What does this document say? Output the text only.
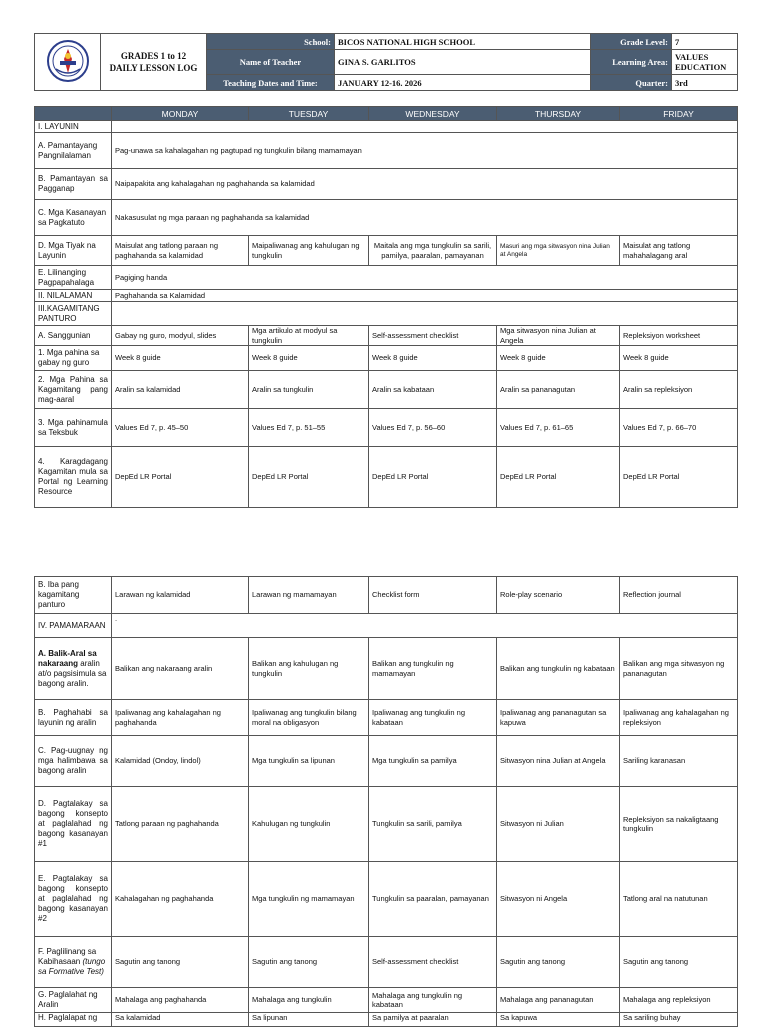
GRADES 1 to 12
DAILY LESSON LOG	School:	BICOS NATIONAL HIGH SCHOOL	Grade Level:	7
		Name of Teacher	GINA S. GARLITOS	Learning Area:	VALUES
EDUCATION

		Teaching Dates and Time:	JANUARY 12-16. 2026	Quarter:	3rd
	MONDAY	TUESDAY	WEDNESDAY	THURSDAY	FRIDAY
I. LAYUNIN					
A. Pamantayang Pangnilalaman	Pag-unawa sa kahalagahan ng pagtupad ng tungkulin bilang mamamayan				
B. Pamantayan sa Pagganap	Naipapakita ang kahalagahan ng paghahanda sa kalamidad				
C. Mga Kasanayan sa Pagkatuto	Nakasusulat ng mga paraan ng paghahanda sa kalamidad				
D. Mga Tiyak na Layunin	Maisulat ang tatlong paraan ng paghahanda sa kalamidad	Maipaliwanag ang kahulugan ng tungkulin	Maitala ang mga tungkulin sa sarili, pamilya, paaralan, pamayanan	Masuri ang mga sitwasyon nina Julian at Angela	Maisulat ang tatlong mahahalagang aral
E. Lilinanging Pagpapahalaga	Pagiging handa				
II. NILALAMAN	Paghahanda sa Kalamidad				
III.KAGAMITANG PANTURO					
A. Sanggunian	Gabay ng guro, modyul, slides	Mga artikulo at modyul sa tungkulin	Self-assessment checklist	Mga sitwasyon nina Julian at Angela	Repleksiyon worksheet
1. Mga pahina sa gabay ng guro	Week 8 guide	Week 8 guide	Week 8 guide	Week 8 guide	Week 8 guide
2. Mga Pahina sa Kagamitang pang mag-aaral	Aralin sa kalamidad	Aralin sa tungkulin	Aralin sa kabataan	Aralin sa pananagutan	Aralin sa repleksiyon
3. Mga pahinamula sa Teksbuk	Values Ed 7, p. 45–50	Values Ed 7, p. 51–55	Values Ed 7, p. 56–60	Values Ed 7, p. 61–65	Values Ed 7, p. 66–70
4. Karagdagang Kagamitan mula sa Portal ng Learning Resource	DepEd LR Portal	DepEd LR Portal	DepEd LR Portal	DepEd LR Portal	DepEd LR Portal
B. Iba pang kagamitang panturo	Larawan ng kalamidad	Larawan ng mamamayan	Checklist form	Role-play scenario	Reflection journal
IV. PAMAMARAAN	.				
A. Balik-Aral sa nakaraang aralin at/o pagsisimula sa bagong aralin.	Balikan ang nakaraang aralin	Balikan ang kahulugan ng tungkulin	Balikan ang tungkulin ng mamamayan	Balikan ang tungkulin ng kabataan	Balikan ang mga sitwasyon ng pananagutan
B. Paghahabi sa layunin ng aralin	Ipaliwanag ang kahalagahan ng paghahanda	Ipaliwanag ang tungkulin bilang moral na obligasyon	Ipaliwanag ang tungkulin ng kabataan	Ipaliwanag ang pananagutan sa kapuwa	Ipaliwanag ang kahalagahan ng repleksiyon
C. Pag-uugnay ng mga halimbawa sa bagong aralin	Kalamidad (Ondoy, lindol)	Mga tungkulin sa lipunan	Mga tungkulin sa pamilya	Sitwasyon nina Julian at Angela	Sariling karanasan
D. Pagtalakay sa bagong konsepto at paglalahad ng bagong kasanayan #1	Tatlong paraan ng paghahanda	Kahulugan ng tungkulin	Tungkulin sa sarili, pamilya	Sitwasyon ni Julian	Repleksiyon sa nakaligtaang tungkulin
E. Pagtalakay sa bagong konsepto at paglalahad ng bagong kasanayan #2	Kahalagahan ng paghahanda	Mga tungkulin ng mamamayan	Tungkulin sa paaralan, pamayanan	Sitwasyon ni Angela	Tatlong aral na natutunan
F. Paglilinang sa Kabihasaan (tungo sa Formative Test)	Sagutin ang tanong	Sagutin ang tanong	Self-assessment checklist	Sagutin ang tanong	Sagutin ang tanong
G. Paglalahat ng Aralin	Mahalaga ang paghahanda	Mahalaga ang tungkulin	Mahalaga ang tungkulin ng kabataan	Mahalaga ang pananagutan	Mahalaga ang repleksiyon
H. Paglalapat ng	Sa kalamidad	Sa lipunan	Sa pamilya at paaralan	Sa kapuwa	Sa sariling buhay
